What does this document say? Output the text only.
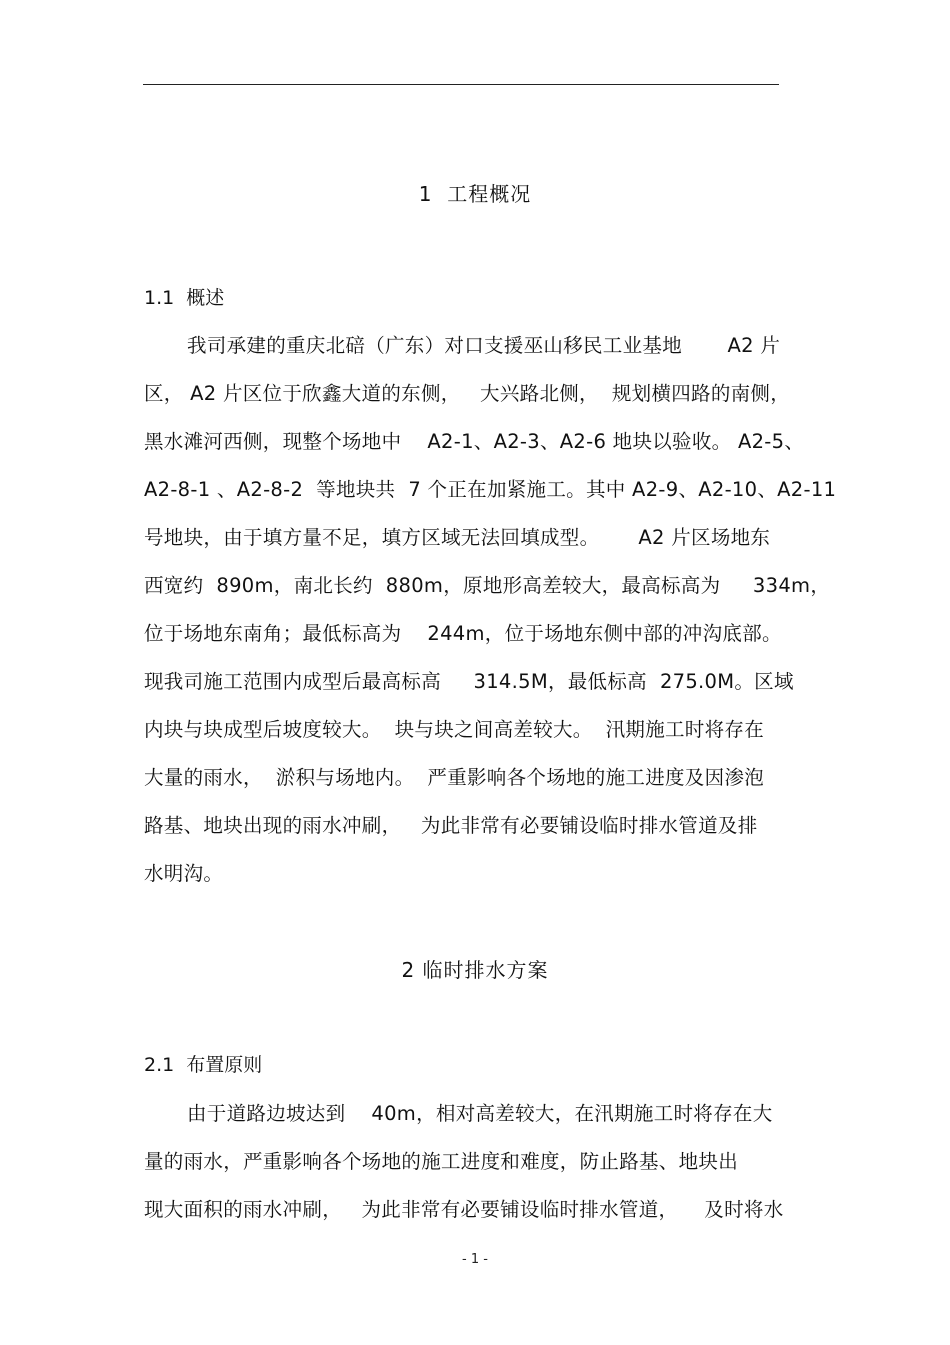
1  工程概况
1.1  概述
我司承建的重庆北碚（广东）对口支援巫山移民工业基地       A2 片
区， A2 片区位于欣鑫大道的东侧，   大兴路北侧，  规划横四路的南侧，
黑水滩河西侧，现整个场地中    A2-1、A2-3、A2-6 地块以验收。 A2-5、
A2-8-1 、A2-8-2  等地块共  7 个正在加紧施工。其中 A2-9、A2-10、A2-11
号地块，由于填方量不足，填方区域无法回填成型。      A2 片区场地东
西宽约  890m，南北长约  880m，原地形高差较大，最高标高为     334m，
位于场地东南角；最低标高为    244m，位于场地东侧中部的冲沟底部。
现我司施工范围内成型后最高标高     314.5M，最低标高  275.0M。区域
内块与块成型后坡度较大。  块与块之间高差较大。  汛期施工时将存在
大量的雨水，  淤积与场地内。  严重影响各个场地的施工进度及因渗泡
路基、地块出现的雨水冲刷，   为此非常有必要铺设临时排水管道及排
水明沟。
2 临时排水方案
2.1  布置原则
由于道路边坡达到    40m，相对高差较大，在汛期施工时将存在大
量的雨水，严重影响各个场地的施工进度和难度，防止路基、地块出
现大面积的雨水冲刷，   为此非常有必要铺设临时排水管道，    及时将水
- 1 -
